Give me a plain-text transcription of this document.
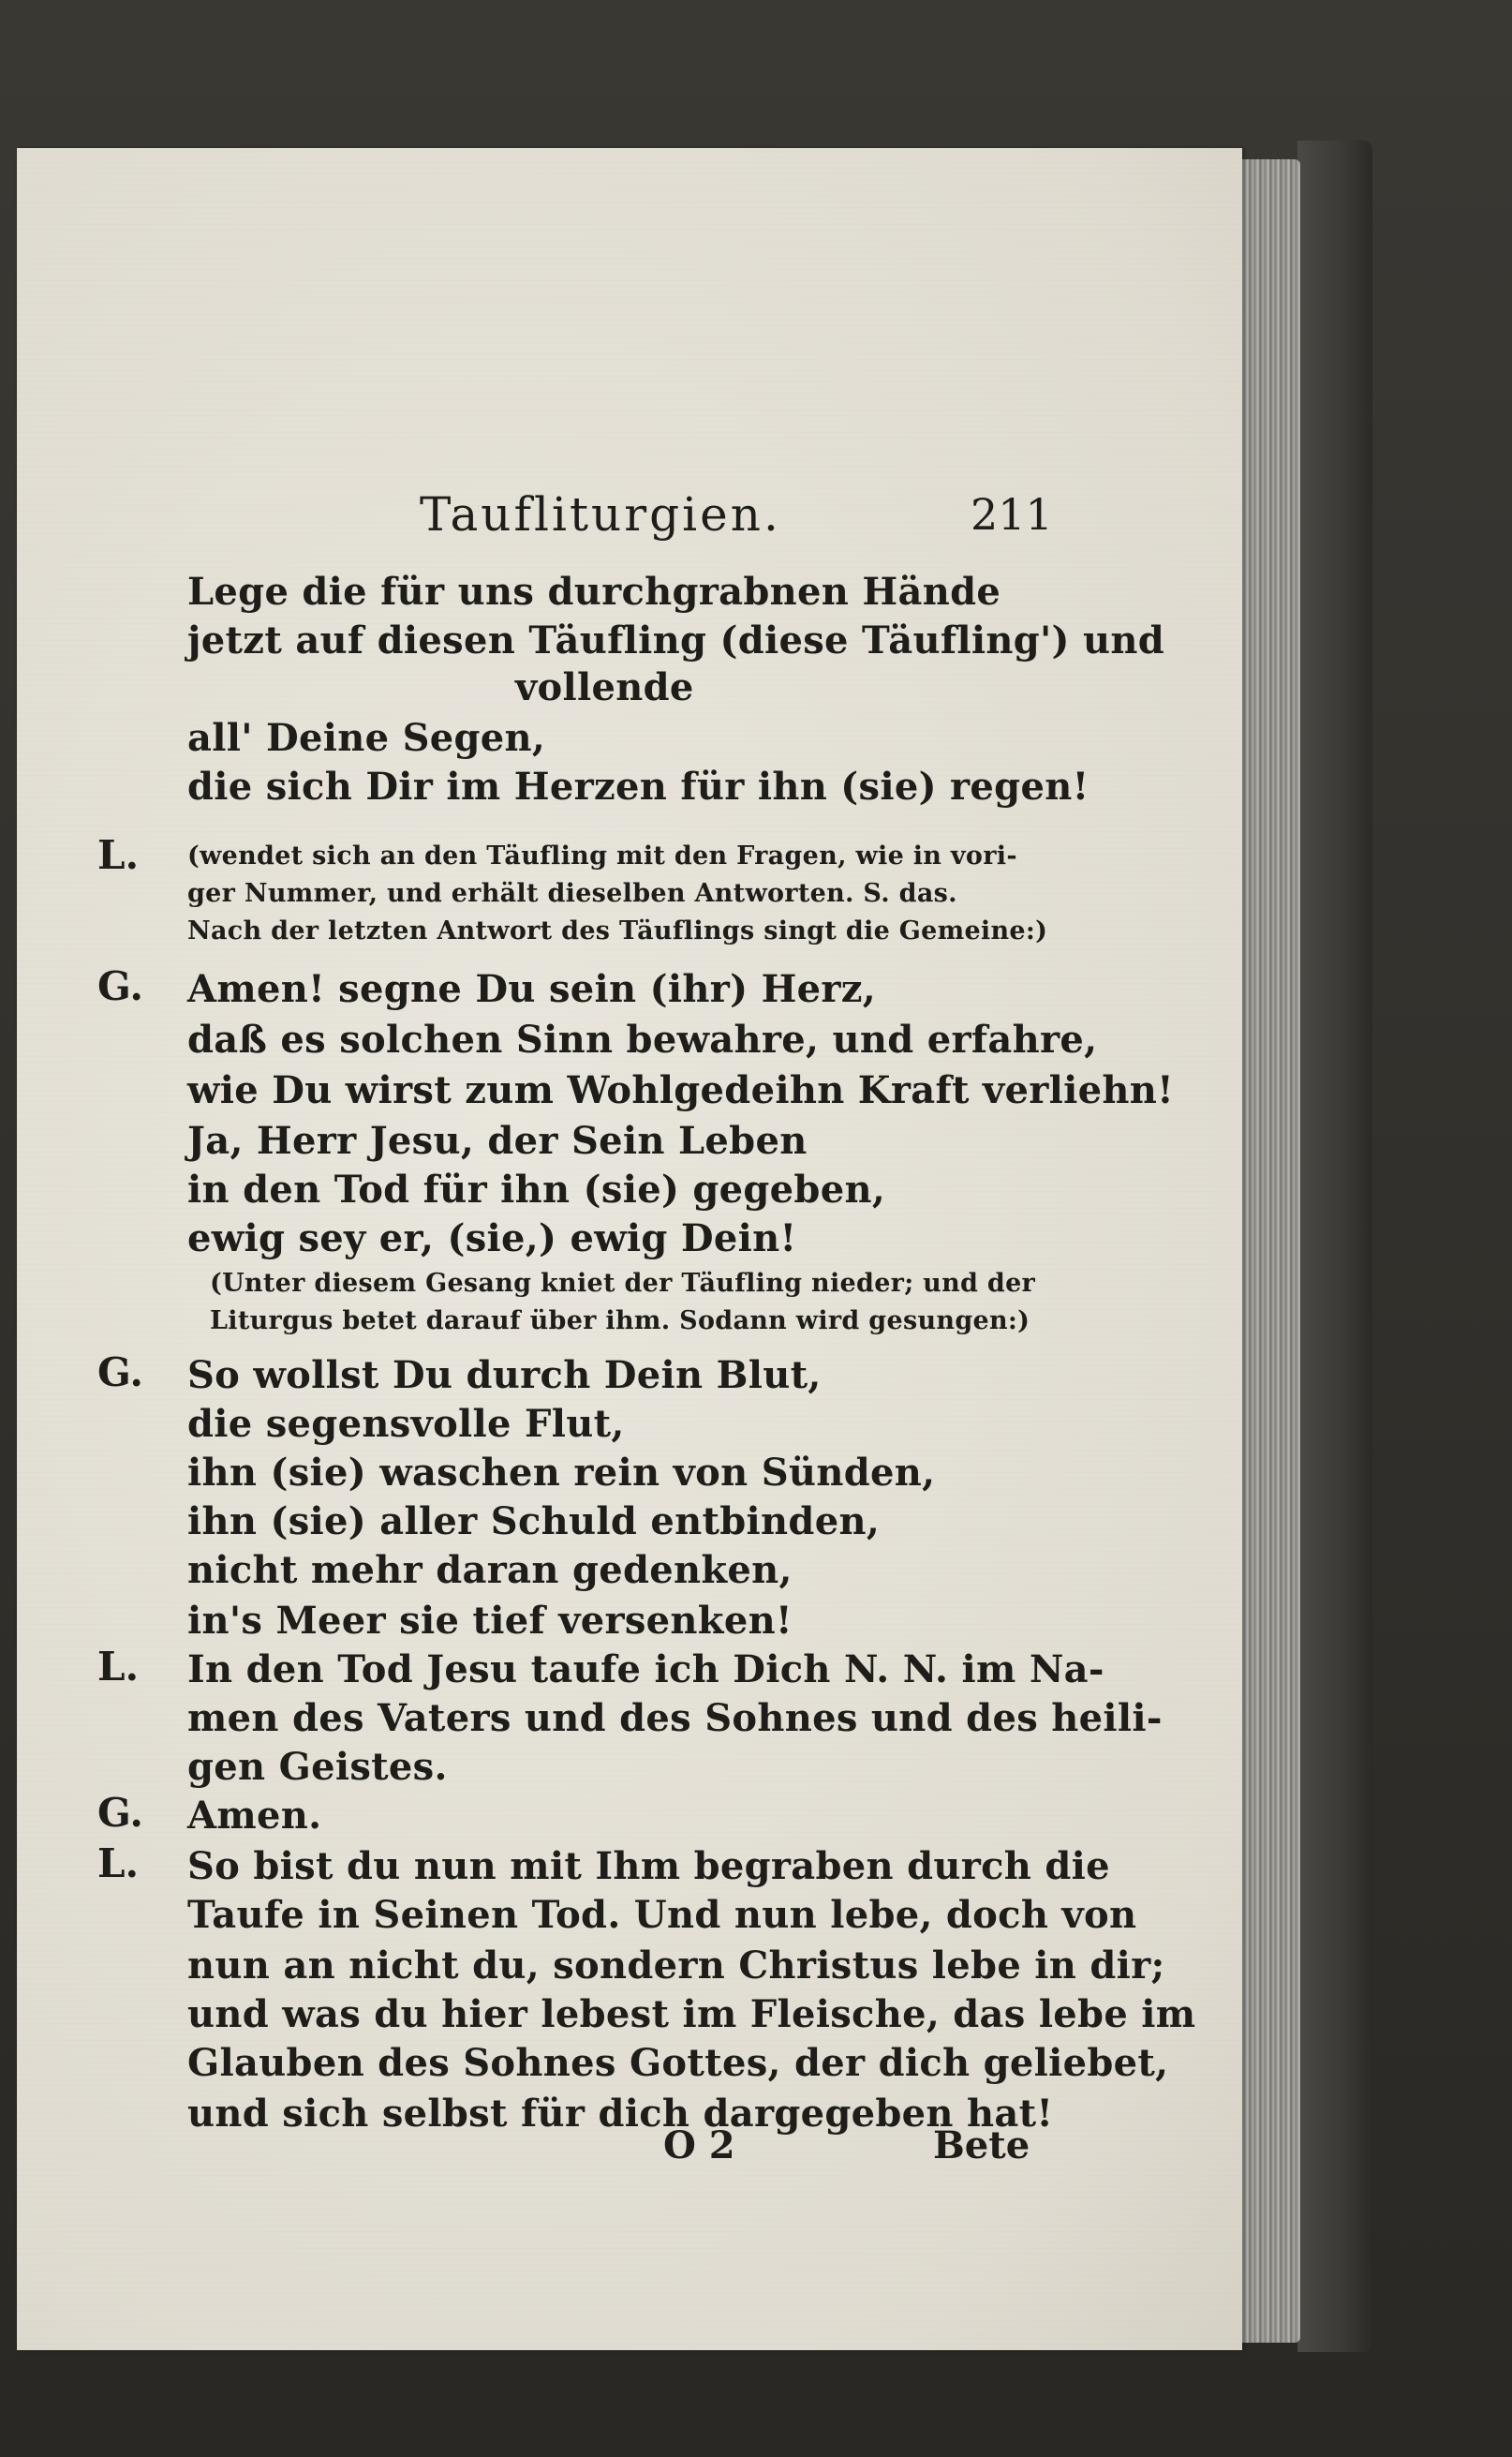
Taufliturgien.	211
Lege die für uns durchgrabnen Hände
jetzt auf diesen Täufling (diese Täufling') und
vollende
all' Deine Segen,
die sich Dir im Herzen für ihn (sie) regen!
L. (wendet sich an den Täufling mit den Fragen, wie in vori-
ger Nummer, und erhält dieselben Antworten. S. das.
Nach der letzten Antwort des Täuflings singt die Gemeine:)
G. Amen! segne Du sein (ihr) Herz,
daß es solchen Sinn bewahre, und erfahre,
wie Du wirst zum Wohlgedeihn Kraft verliehn!
Ja, Herr Jesu, der Sein Leben
in den Tod für ihn (sie) gegeben,
ewig sey er, (sie,) ewig Dein!
(Unter diesem Gesang kniet der Täufling nieder; und der
Liturgus betet darauf über ihm. Sodann wird gesungen:)
G. So wollst Du durch Dein Blut,
die segensvolle Flut,
ihn (sie) waschen rein von Sünden,
ihn (sie) aller Schuld entbinden,
nicht mehr daran gedenken,
in's Meer sie tief versenken!
L. In den Tod Jesu taufe ich Dich N. N. im Na-
men des Vaters und des Sohnes und des heili-
gen Geistes.
G. Amen.
L. So bist du nun mit Ihm begraben durch die
Taufe in Seinen Tod. Und nun lebe, doch von
nun an nicht du, sondern Christus lebe in dir;
und was du hier lebest im Fleische, das lebe im
Glauben des Sohnes Gottes, der dich geliebet,
und sich selbst für dich dargegeben hat!
O 2	Bete
